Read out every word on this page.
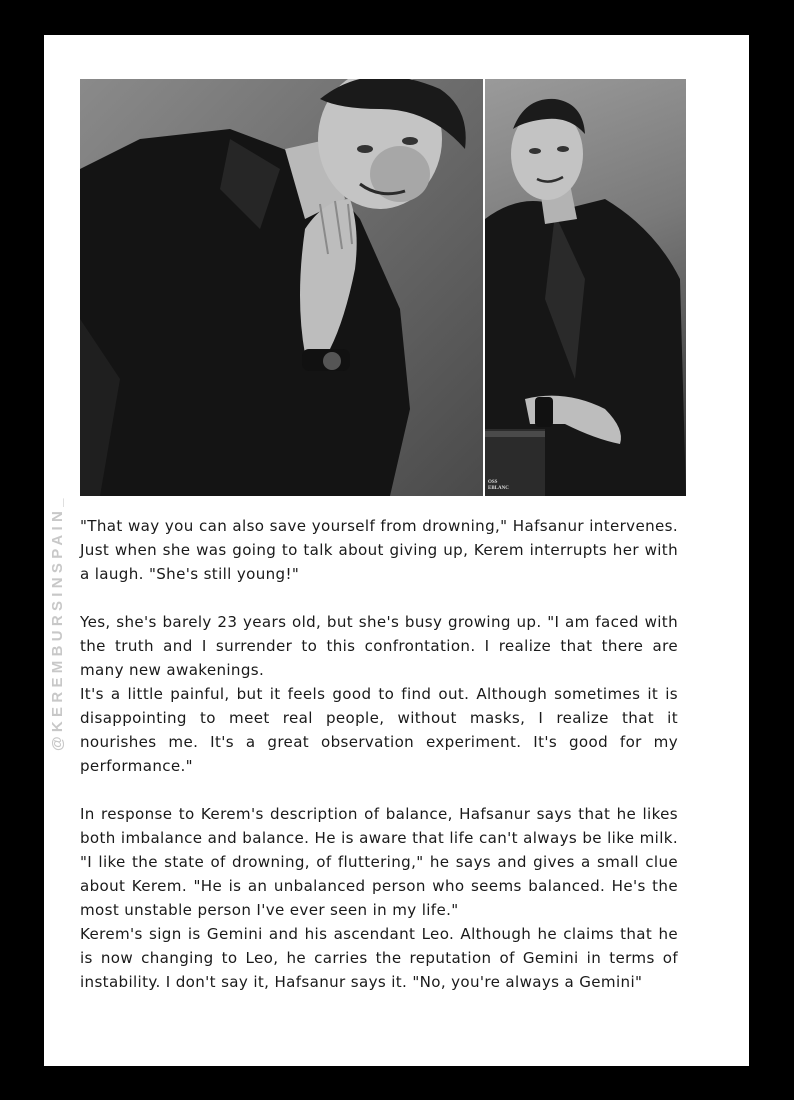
@KEREMBURSINSPAIN_
OSS
EBLANC

"That way you can also save yourself from drowning," Hafsanur intervenes. Just when she was going to talk about giving up, Kerem interrupts her with a laugh. "She's still young!"

Yes, she's barely 23 years old, but she's busy growing up. "I am faced with the truth and I surrender to this confrontation. I realize that there are many new awakenings.

It's a little painful, but it feels good to find out. Although sometimes it is disappointing to meet real people, without masks, I realize that it nourishes me. It's a great observation experiment. It's good for my performance."

In response to Kerem's description of balance, Hafsanur says that he likes both imbalance and balance. He is aware that life can't always be like milk. "I like the state of drowning, of fluttering," he says and gives a small clue about Kerem. "He is an unbalanced person who seems balanced. He's the most unstable person I've ever seen in my life."

Kerem's sign is Gemini and his ascendant Leo. Although he claims that he is now changing to Leo, he carries the reputation of Gemini in terms of instability. I don't say it, Hafsanur says it. "No, you're always a Gemini"
